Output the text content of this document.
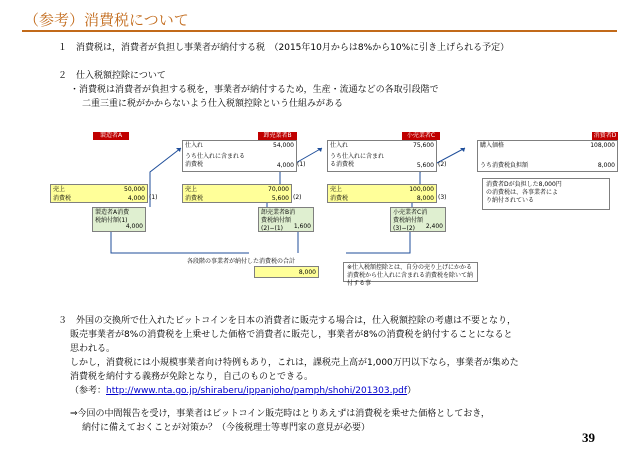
（参考）消費税について
１　消費税は，消費者が負担し事業者が納付する税　（2015年10月からは8%から10%に引き上げられる予定）
２　仕入税額控除について
・消費税は消費者が負担する税を，事業者が納付するため，生産・流通などの各取引段階で
二重三重に税がかからないよう仕入税額控除という仕組みがある
製造者A	卸売業者B	小売業者C	消費者D
仕入れ	54,000
うち仕入れに含まれる消費税	4,000 (1)
仕入れ	75,600
うち仕入れに含まれる消費税	5,600 (2)
購入価格	108,000
うち消費税負担額	8,000
売上	50,000
消費税	4,000 (1)
売上	70,000
消費税	5,600 (2)
売上	100,000
消費税	8,000 (3)
消費者Dが負担した8,000円の消費税は、各事業者により納付されている
製造者A消費税納付額(1)
4,000
卸売業者B消費税納付額(2)−(1)	1,600
小売業者C消費税納付額(3)−(2)	2,400
各段階の事業者が納付した消費税の合計
8,000
※仕入税額控除とは、自分の売り上げにかかる消費税から仕入れに含まれる消費税を除いて納付する事
３　外国の交換所で仕入れたビットコインを日本の消費者に販売する場合は，仕入税額控除の考慮は不要となり，
販売事業者が8%の消費税を上乗せした価格で消費者に販売し，事業者が8%の消費税を納付することになると
思われる。
しかし，消費税には小規模事業者向け特例もあり，これは，課税売上高が1,000万円以下なら，事業者が集めた
消費税を納付する義務が免除となり，自己のものとできる。
（参考：http://www.nta.go.jp/shiraberu/ippanjoho/pamph/shohi/201303.pdf）
⇒今回の中間報告を受け，事業者はビットコイン販売時はとりあえずは消費税を乗せた価格としておき，
納付に備えておくことが対策か？（今後税理士等専門家の意見が必要）
39
